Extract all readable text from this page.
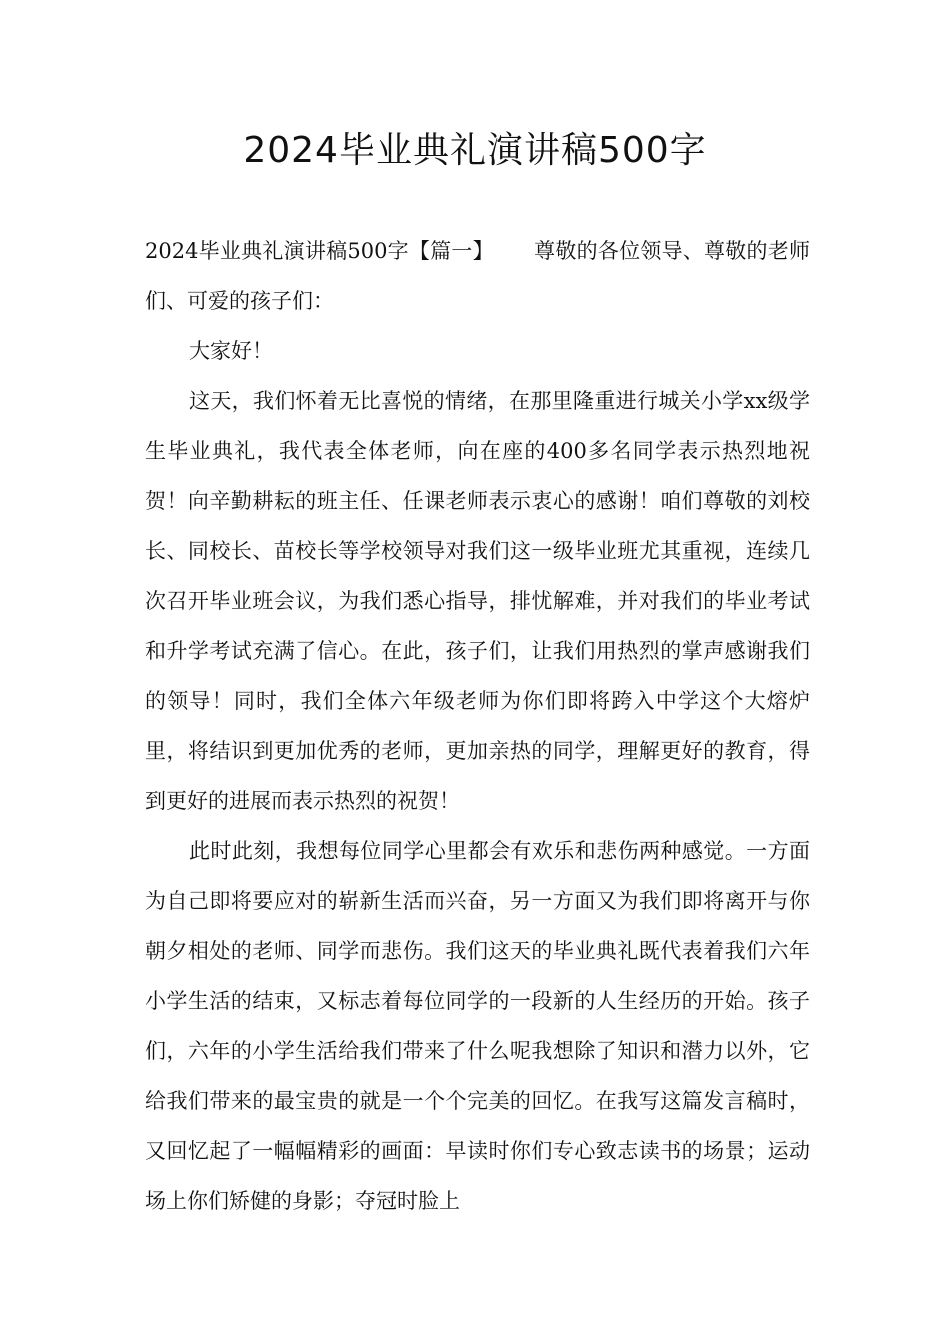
2024毕业典礼演讲稿500字

2024毕业典礼演讲稿500字【篇一】 尊敬的各位领导、尊敬的老师们、可爱的孩子们：

大家好！

这天，我们怀着无比喜悦的情绪，在那里隆重进行城关小学xx级学生毕业典礼，我代表全体老师，向在座的400多名同学表示热烈地祝贺！向辛勤耕耘的班主任、任课老师表示衷心的感谢！咱们尊敬的刘校长、同校长、苗校长等学校领导对我们这一级毕业班尤其重视，连续几次召开毕业班会议，为我们悉心指导，排忧解难，并对我们的毕业考试和升学考试充满了信心。在此，孩子们，让我们用热烈的掌声感谢我们的领导！同时，我们全体六年级老师为你们即将跨入中学这个大熔炉里，将结识到更加优秀的老师，更加亲热的同学，理解更好的教育，得到更好的进展而表示热烈的祝贺！

此时此刻，我想每位同学心里都会有欢乐和悲伤两种感觉。一方面为自己即将要应对的崭新生活而兴奋，另一方面又为我们即将离开与你朝夕相处的老师、同学而悲伤。我们这天的毕业典礼既代表着我们六年小学生活的结束，又标志着每位同学的一段新的人生经历的开始。孩子们，六年的小学生活给我们带来了什么呢我想除了知识和潜力以外，它给我们带来的最宝贵的就是一个个完美的回忆。在我写这篇发言稿时，又回忆起了一幅幅精彩的画面：早读时你们专心致志读书的场景；运动场上你们矫健的身影；夺冠时脸上
